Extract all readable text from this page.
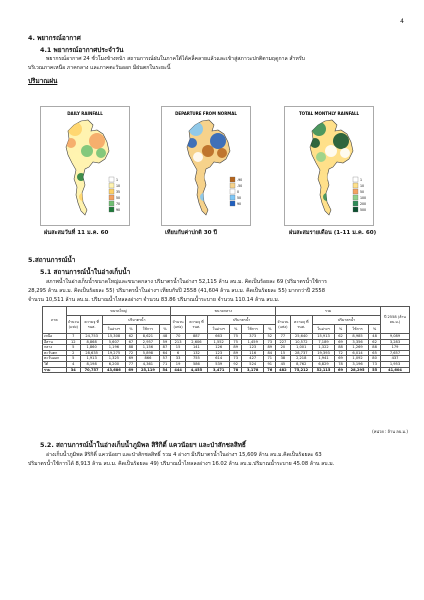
4
4. พยากรณ์อากาศ
4.1 พยากรณ์อากาศประจำวัน
พยากรณ์อากาศ 24 ชั่วโมงข้างหน้า สถานการณ์ฝนในภาคใต้ได้คลี่คลายแล้วและเข้าสู่สภาวะปกติตามฤดูกาล สำหรับ
บริเวณภาคเหนือ ภาคกลาง และภาคตะวันออก มีฝนตกในระยะนี้
ปริมาณฝน
DAILY RAINFALL
1
10
35
50
70
90
DEPARTURE FROM NORMAL
-90
-50
0
50
90
TOTAL MONTHLY RAINFALL
1
10
50
100
200
500
ฝนสะสมวันที่ 11 ม.ค. 60	เทียบกับค่าปกติ 30 ปี	ฝนสะสมรายเดือน (1-11 ม.ค. 60)
5.สถานการณ์น้ำ
5.1 สถานการณ์น้ำในอ่างเก็บน้ำ
สภาพน้ำในอ่างเก็บน้ำขนาดใหญ่และขนาดกลาง ปริมาตรน้ำในอ่างฯ 52,115 ล้าน ลบ.ม. คิดเป็นร้อยละ 69 (ปริมาตรน้ำใช้การ
28,295 ล้าน ลบ.ม. คิดเป็นร้อยละ 55) ปริมาตรน้ำในอ่างฯ เทียบกับปี 2558 (41,604 ล้าน ลบ.ม. คิดเป็นร้อยละ 55) มากกว่าปี 2558
จำนวน 10,511 ล้าน ลบ.ม. ปริมาณน้ำไหลลงอ่างฯ จำนวน 83.86 ปริมาณน้ำระบาย จำนวน 110.14 ล้าน ลบ.ม.
ภาค	ขนาดใหญ่						ขนาดกลาง						รวม						ปี 2558 (ล้าน ลบ.ม.)
	จำนวน (แห่ง)	ความจุ ที่ รนส.	ปริมาตรน้ำ				จำนวน (แห่ง)	ความจุ ที่ รนส.	ปริมาตรน้ำ				จำนวน (แห่ง)	ความจุ ที่ รนส.	ปริมาตรน้ำ				
			ในอ่างฯ	%	ใช้การ	%			ในอ่างฯ	%	ใช้การ	%			ในอ่างฯ	%	ใช้การ	%	
เหนือ	7	24,753	15,308	62	8,621	48	70	887	663	75	373	52	77	25,640	15,913	62	8,985	48	9,089
อีสาน	12	8,868	5,607	67	2,957	59	213	2,606	1,552	75	1,459	73	227	10,572	7,189	69	3,356	62	3,283
กลาง	5	1,860	1,196	88	1,156	87	15	141	126	89	123	89	20	1,001	1,322	88	1,269	88	179
ตะวันตก	2	28,635	19,275	72	5,898	64	6	132	123	89	116	84	15	28,737	19,393	72	6,014	65	7,657
ตะวันออก	5	1,913	1,325	69	866	57	33	755	614	73	427	71	38	2,218	1,941	69	1,092	80	437
ใต้	4	8,198	6,200	77	4,361	71	19	586	539	92	524	91	45	8,762	6,829	78	3,196	73	1,953
รวม	34	70,757	43,686	69	25,119	54	444	4,455	3,471	78	3,178	76	482	75,212	52,115	69	28,295	55	41,604
(หน่วย : ล้าน ลบ.ม.)
5.2. สถานการณ์น้ำในอ่างเก็บน้ำภูมิพล สิริกิติ์ แควน้อยฯ และป่าสักชลสิทธิ์
อ่างเก็บน้ำภูมิพล สิริกิติ์ แควน้อยฯ และป่าสักชลสิทธิ์ รวม 4 อ่างฯ มีปริมาตรน้ำในอ่างฯ 15,609 ล้าน ลบ.ม.คิดเป็นร้อยละ 63
ปริมาตรน้ำใช้การได้ 8,913 ล้าน ลบ.ม. คิดเป็นร้อยละ 49) ปริมาณน้ำไหลลงอ่างฯ 16.02 ล้าน ลบ.ม.ปริมาณน้ำระบาย 45.08 ล้าน ลบ.ม.
